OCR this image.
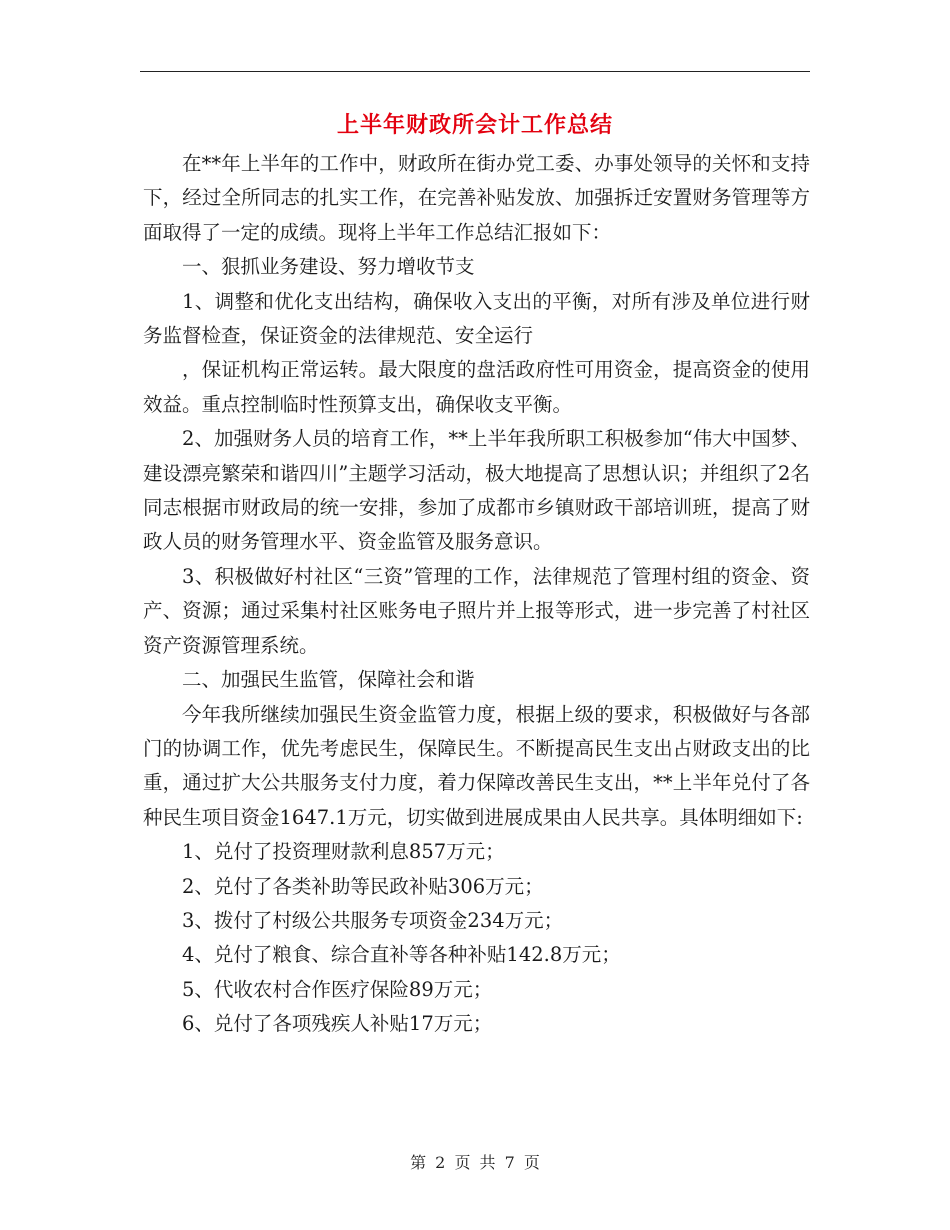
上半年财政所会计工作总结

在**年上半年的工作中，财政所在街办党工委、办事处领导的关怀和支持下，经过全所同志的扎实工作，在完善补贴发放、加强拆迁安置财务管理等方面取得了一定的成绩。现将上半年工作总结汇报如下：

一、狠抓业务建设、努力增收节支

1、调整和优化支出结构，确保收入支出的平衡，对所有涉及单位进行财务监督检查，保证资金的法律规范、安全运行

，保证机构正常运转。最大限度的盘活政府性可用资金，提高资金的使用效益。重点控制临时性预算支出，确保收支平衡。

2、加强财务人员的培育工作，**上半年我所职工积极参加“伟大中国梦、建设漂亮繁荣和谐四川”主题学习活动，极大地提高了思想认识；并组织了2名同志根据市财政局的统一安排，参加了成都市乡镇财政干部培训班，提高了财政人员的财务管理水平、资金监管及服务意识。

3、积极做好村社区“三资”管理的工作，法律规范了管理村组的资金、资产、资源；通过采集村社区账务电子照片并上报等形式，进一步完善了村社区资产资源管理系统。

二、加强民生监管，保障社会和谐

今年我所继续加强民生资金监管力度，根据上级的要求，积极做好与各部门的协调工作，优先考虑民生，保障民生。不断提高民生支出占财政支出的比重，通过扩大公共服务支付力度，着力保障改善民生支出，**上半年兑付了各种民生项目资金1647.1万元，切实做到进展成果由人民共享。具体明细如下:

1、兑付了投资理财款利息857万元；

2、兑付了各类补助等民政补贴306万元；

3、拨付了村级公共服务专项资金234万元；

4、兑付了粮食、综合直补等各种补贴142.8万元；

5、代收农村合作医疗保险89万元；

6、兑付了各项残疾人补贴17万元；

第 2 页 共 7 页
